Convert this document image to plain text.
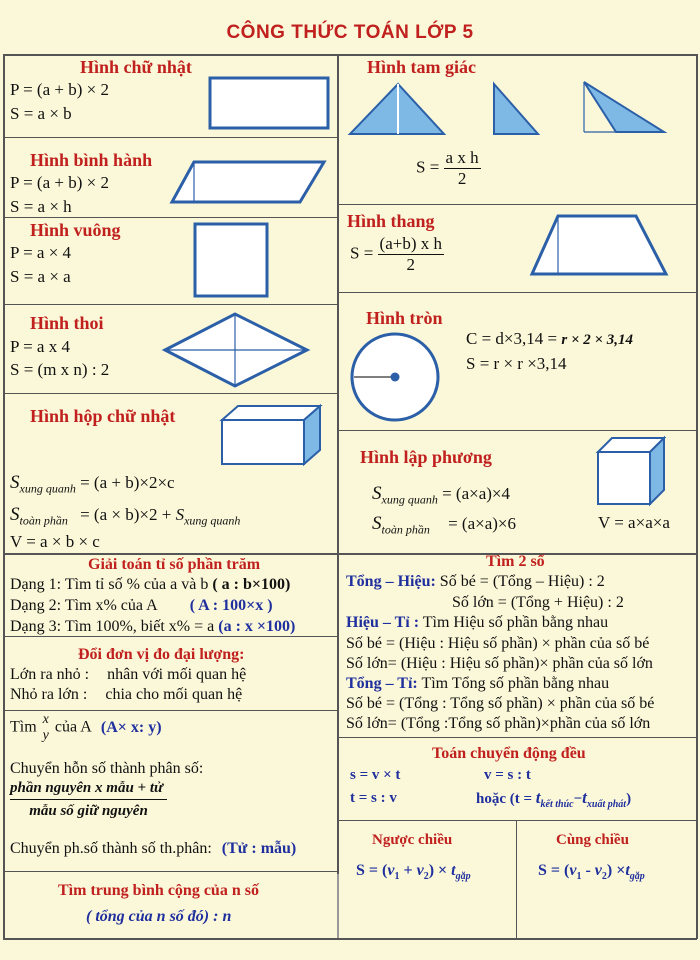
CÔNG THỨC TOÁN LỚP 5
Hình chữ nhật
P = (a + b) × 2
S = a × b
Hình tam giác
$S = \frac{\text{a x h}}{2}$
Hình bình hành
P = (a + b) × 2
S = a × h
Hình vuông
P = a × 4
S = a × a
Hình thang
$S = \frac{\text{(a+b) x h}}{2}$
Hình thoi
P = a x 4
S = (m x n) : 2
Hình tròn
C = d×3,14 = r × 2 × 3,14
S = r × r ×3,14
Hình hộp chữ nhật
$S_{xung quanh} = (a + b)\times 2\times c$
$S_{toàn phần} = (a \times b)\times 2 + S_{xung quanh}$
V = a × b × c
Hình lập phương
$S_{xung quanh} = (a\times a)\times 4$
$S_{toàn phần} = (a\times a)\times 6$	V = a×a×a
Giải toán tỉ số phần trăm
Dạng 1: Tìm tỉ số % của a và b ( a : b×100)
Dạng 2: Tìm x% của A ( A : 100×x )
Dạng 3: Tìm 100%, biết x% = a (a : x ×100)
Tìm 2 số
Tổng – Hiệu: Số bé = (Tổng – Hiệu) : 2
Số lớn = (Tổng + Hiệu) : 2
Hiệu – Tỉ : Tìm Hiệu số phần bằng nhau
Số bé = (Hiệu : Hiệu số phần) × phần của số bé
Số lớn= (Hiệu : Hiệu số phần)× phần của số lớn
Tổng – Tỉ: Tìm Tổng số phần bằng nhau
Số bé = (Tổng : Tổng số phần) × phần của số bé
Số lớn= (Tổng :Tổng số phần)×phần của số lớn
Đổi đơn vị đo đại lượng:
Lớn ra nhỏ : nhân với mối quan hệ
Nhỏ ra lớn : chia cho mối quan hệ
Tìm x
y của A (A× x: y)
Chuyển hỗn số thành phân số:
$\frac{\text{phần nguyên x mẫu + tử}}{\text{mẫu số giữ nguyên}}$
Chuyển ph.số thành số th.phân: (Tử : mẫu)
Toán chuyển động đều
s = v × t	v = s : t
t = s : v	hoặc $(t = t_{kết thúc}-t_{xuất phát})$
Ngược chiều
$S = (v_1 + v_2) \times t_{gặp}$
Cùng chiều
$S = (v_1 - v_2) \times t_{gặp}$
Tìm trung bình cộng của n số
( tổng của n số đó) : n
